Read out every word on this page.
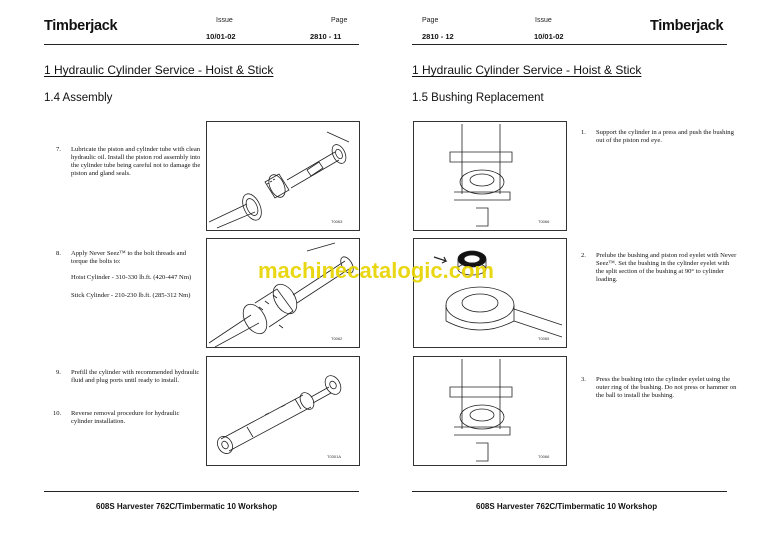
Timberjack	Issue
10/01-02
Page
2810 - 11
1 Hydraulic Cylinder Service - Hoist & Stick
1.4 Assembly
7. Lubricate the piston and cylinder tube with clean hydraulic oil. Install the piston rod assembly into the cylinder tube being careful not to damage the piston and gland seals.
T0063
8. Apply Never Seez™ to the bolt threads and torque the bolts to:
Hoist Cylinder - 310-330 lb.ft. (420-447 Nm)
Stick Cylinder - 210-230 lb.ft. (285-312 Nm)
T0062
9. Prefill the cylinder with recommended hydraulic fluid and plug ports until ready to install.
10. Reverse removal procedure for hydraulic cylinder installation.
T0301A
608S Harvester 762C/Timbermatic 10 Workshop
Page
2810 - 12
Issue
10/01-02
Timberjack
1 Hydraulic Cylinder Service - Hoist & Stick
1.5 Bushing Replacement
T0066
1. Support the cylinder in a press and push the bushing out of the piston rod eye.
T0065
2. Prelube the bushing and piston rod eyelet with Never Seez™. Set the bushing in the cylinder eyelet with the split section of the bushing at 90° to cylinder loading.
T0066
3. Press the bushing into the cylinder eyelet using the outer ring of the bushing. Do not press or hammer on the ball to install the bushing.
608S Harvester 762C/Timbermatic 10 Workshop
machinecatalogic.com
